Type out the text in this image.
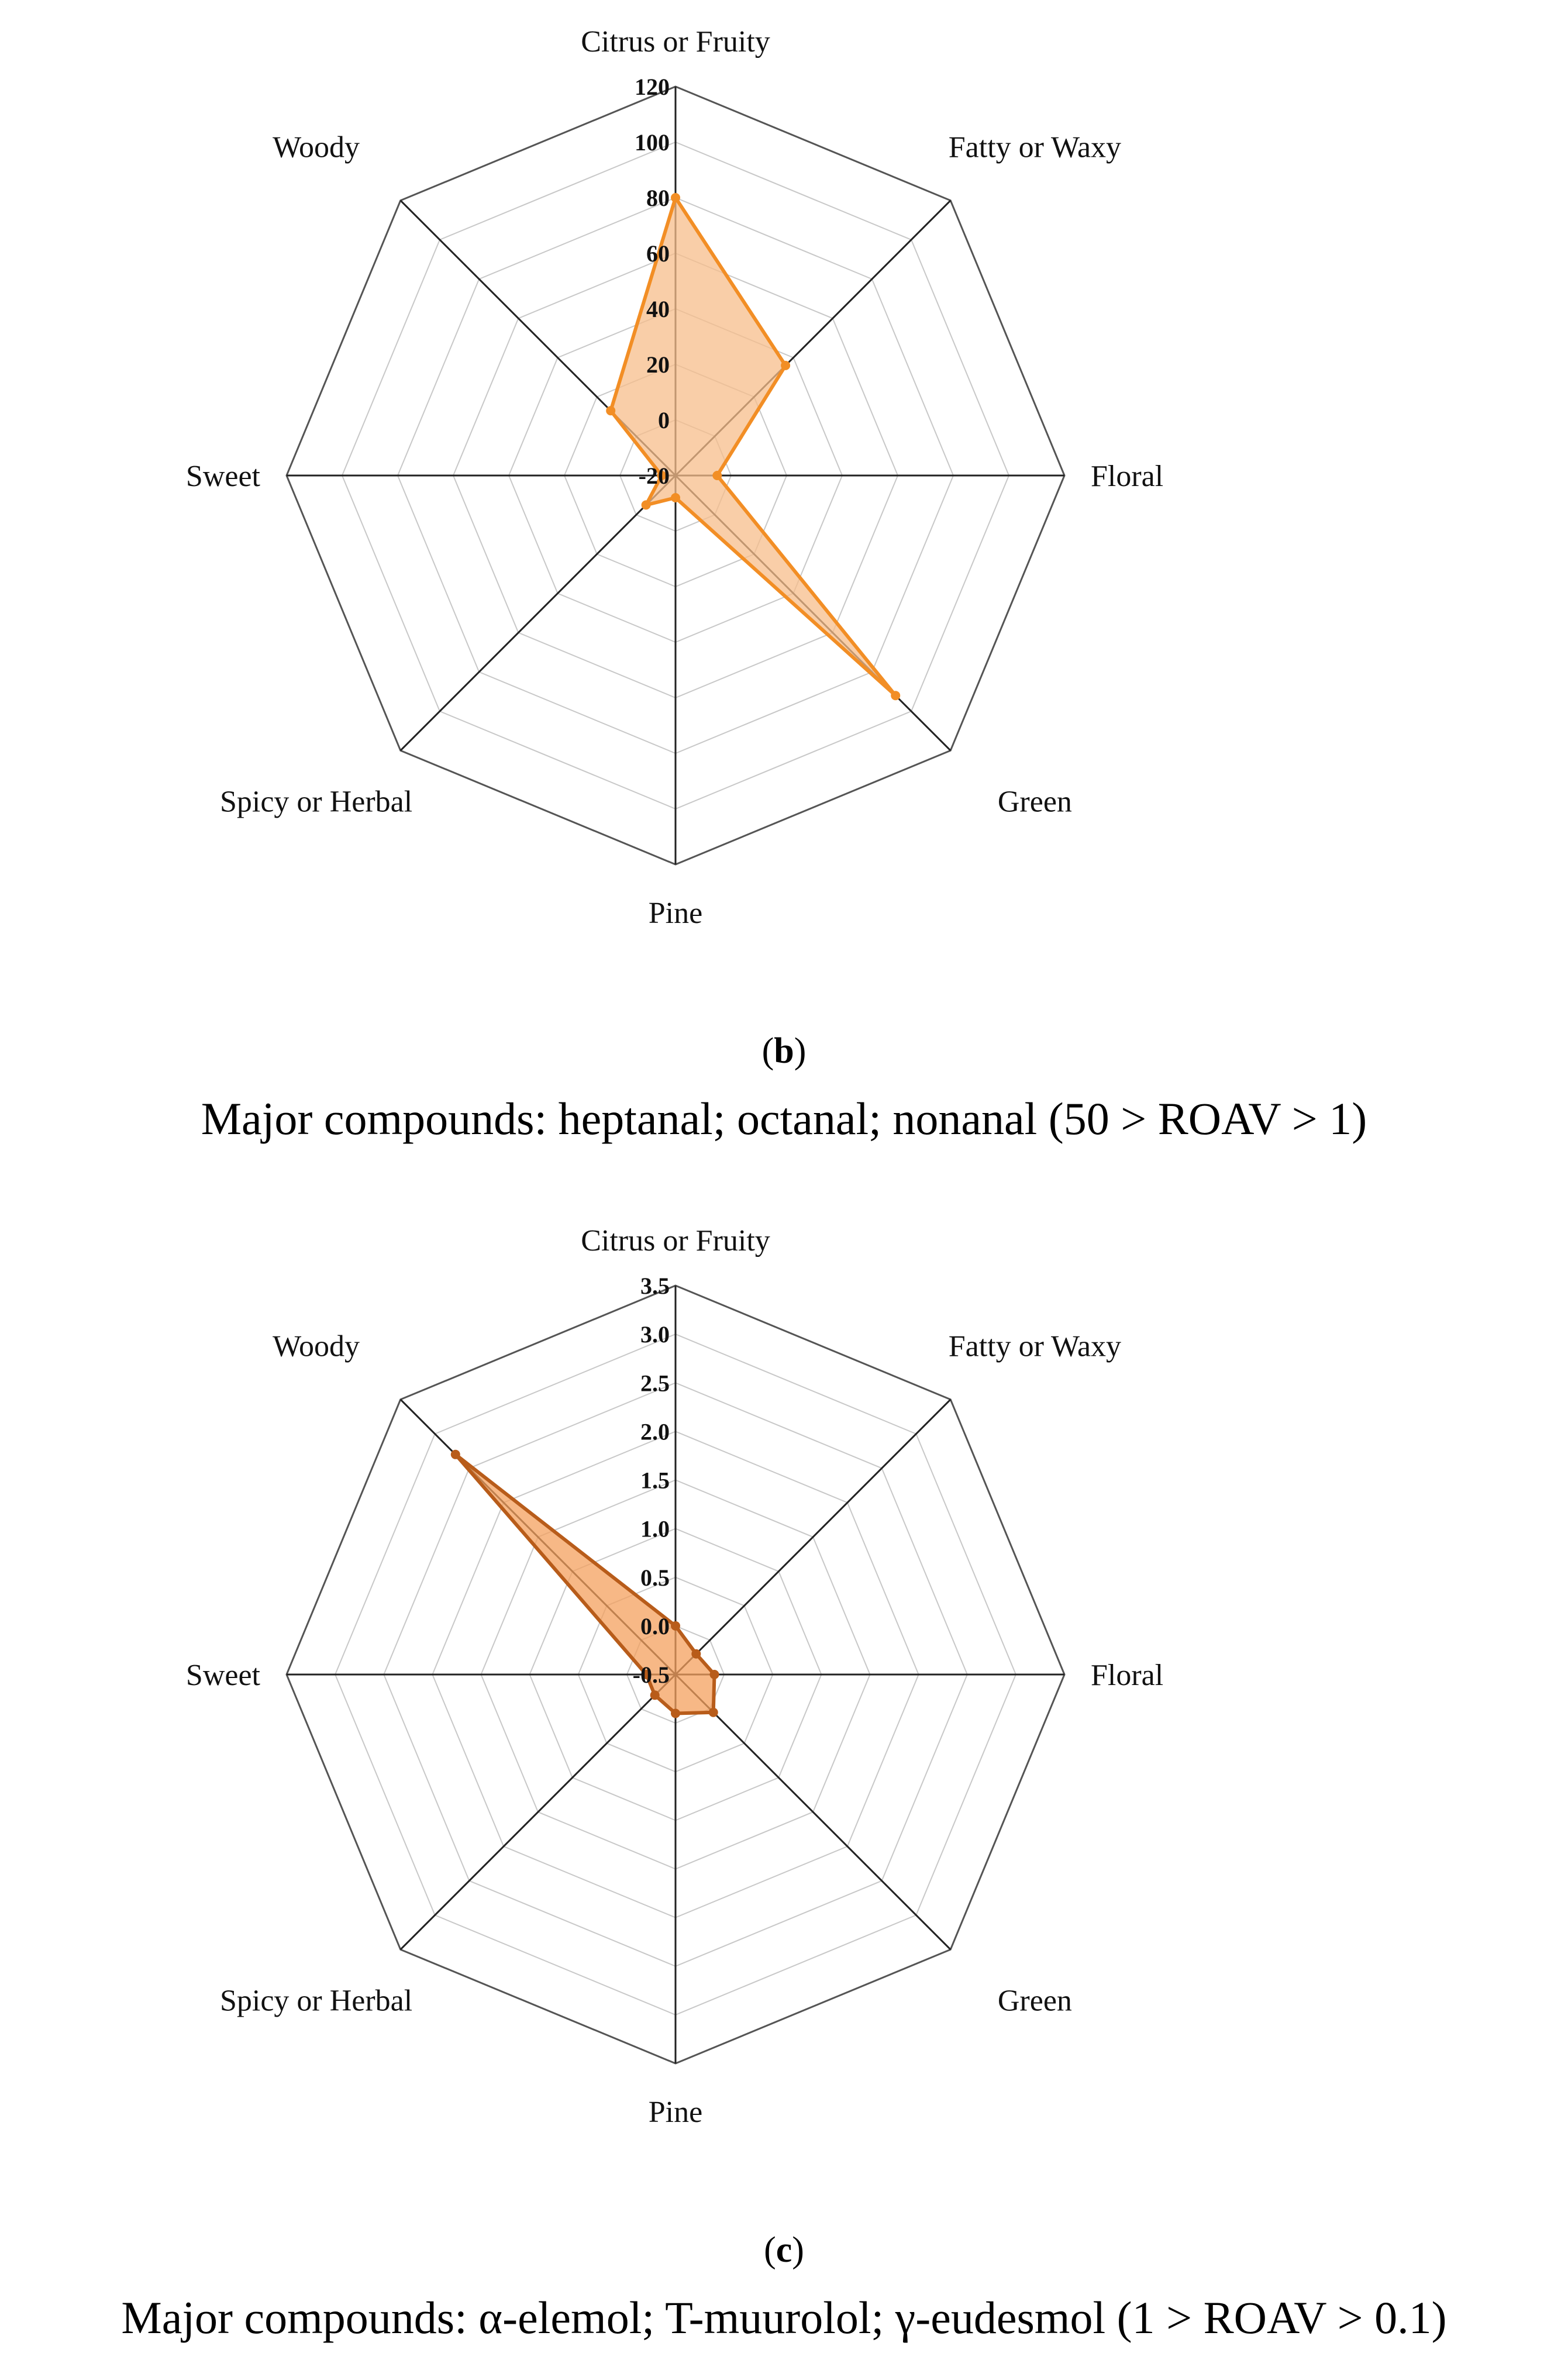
Citrus or Fruity
Fatty or Waxy
Floral
Green
Pine
Spicy or Herbal
Sweet
Woody
-20
0
20
40
60
80
100
120
Citrus or Fruity
Fatty or Waxy
Floral
Green
Pine
Spicy or Herbal
Sweet
Woody
-0.5
0.0
0.5
1.0
1.5
2.0
2.5
3.0
3.5
(b)
Major compounds: heptanal; octanal; nonanal (50 > ROAV > 1)
(c)
Major compounds: α-elemol; T-muurolol; γ-eudesmol (1 > ROAV > 0.1)
